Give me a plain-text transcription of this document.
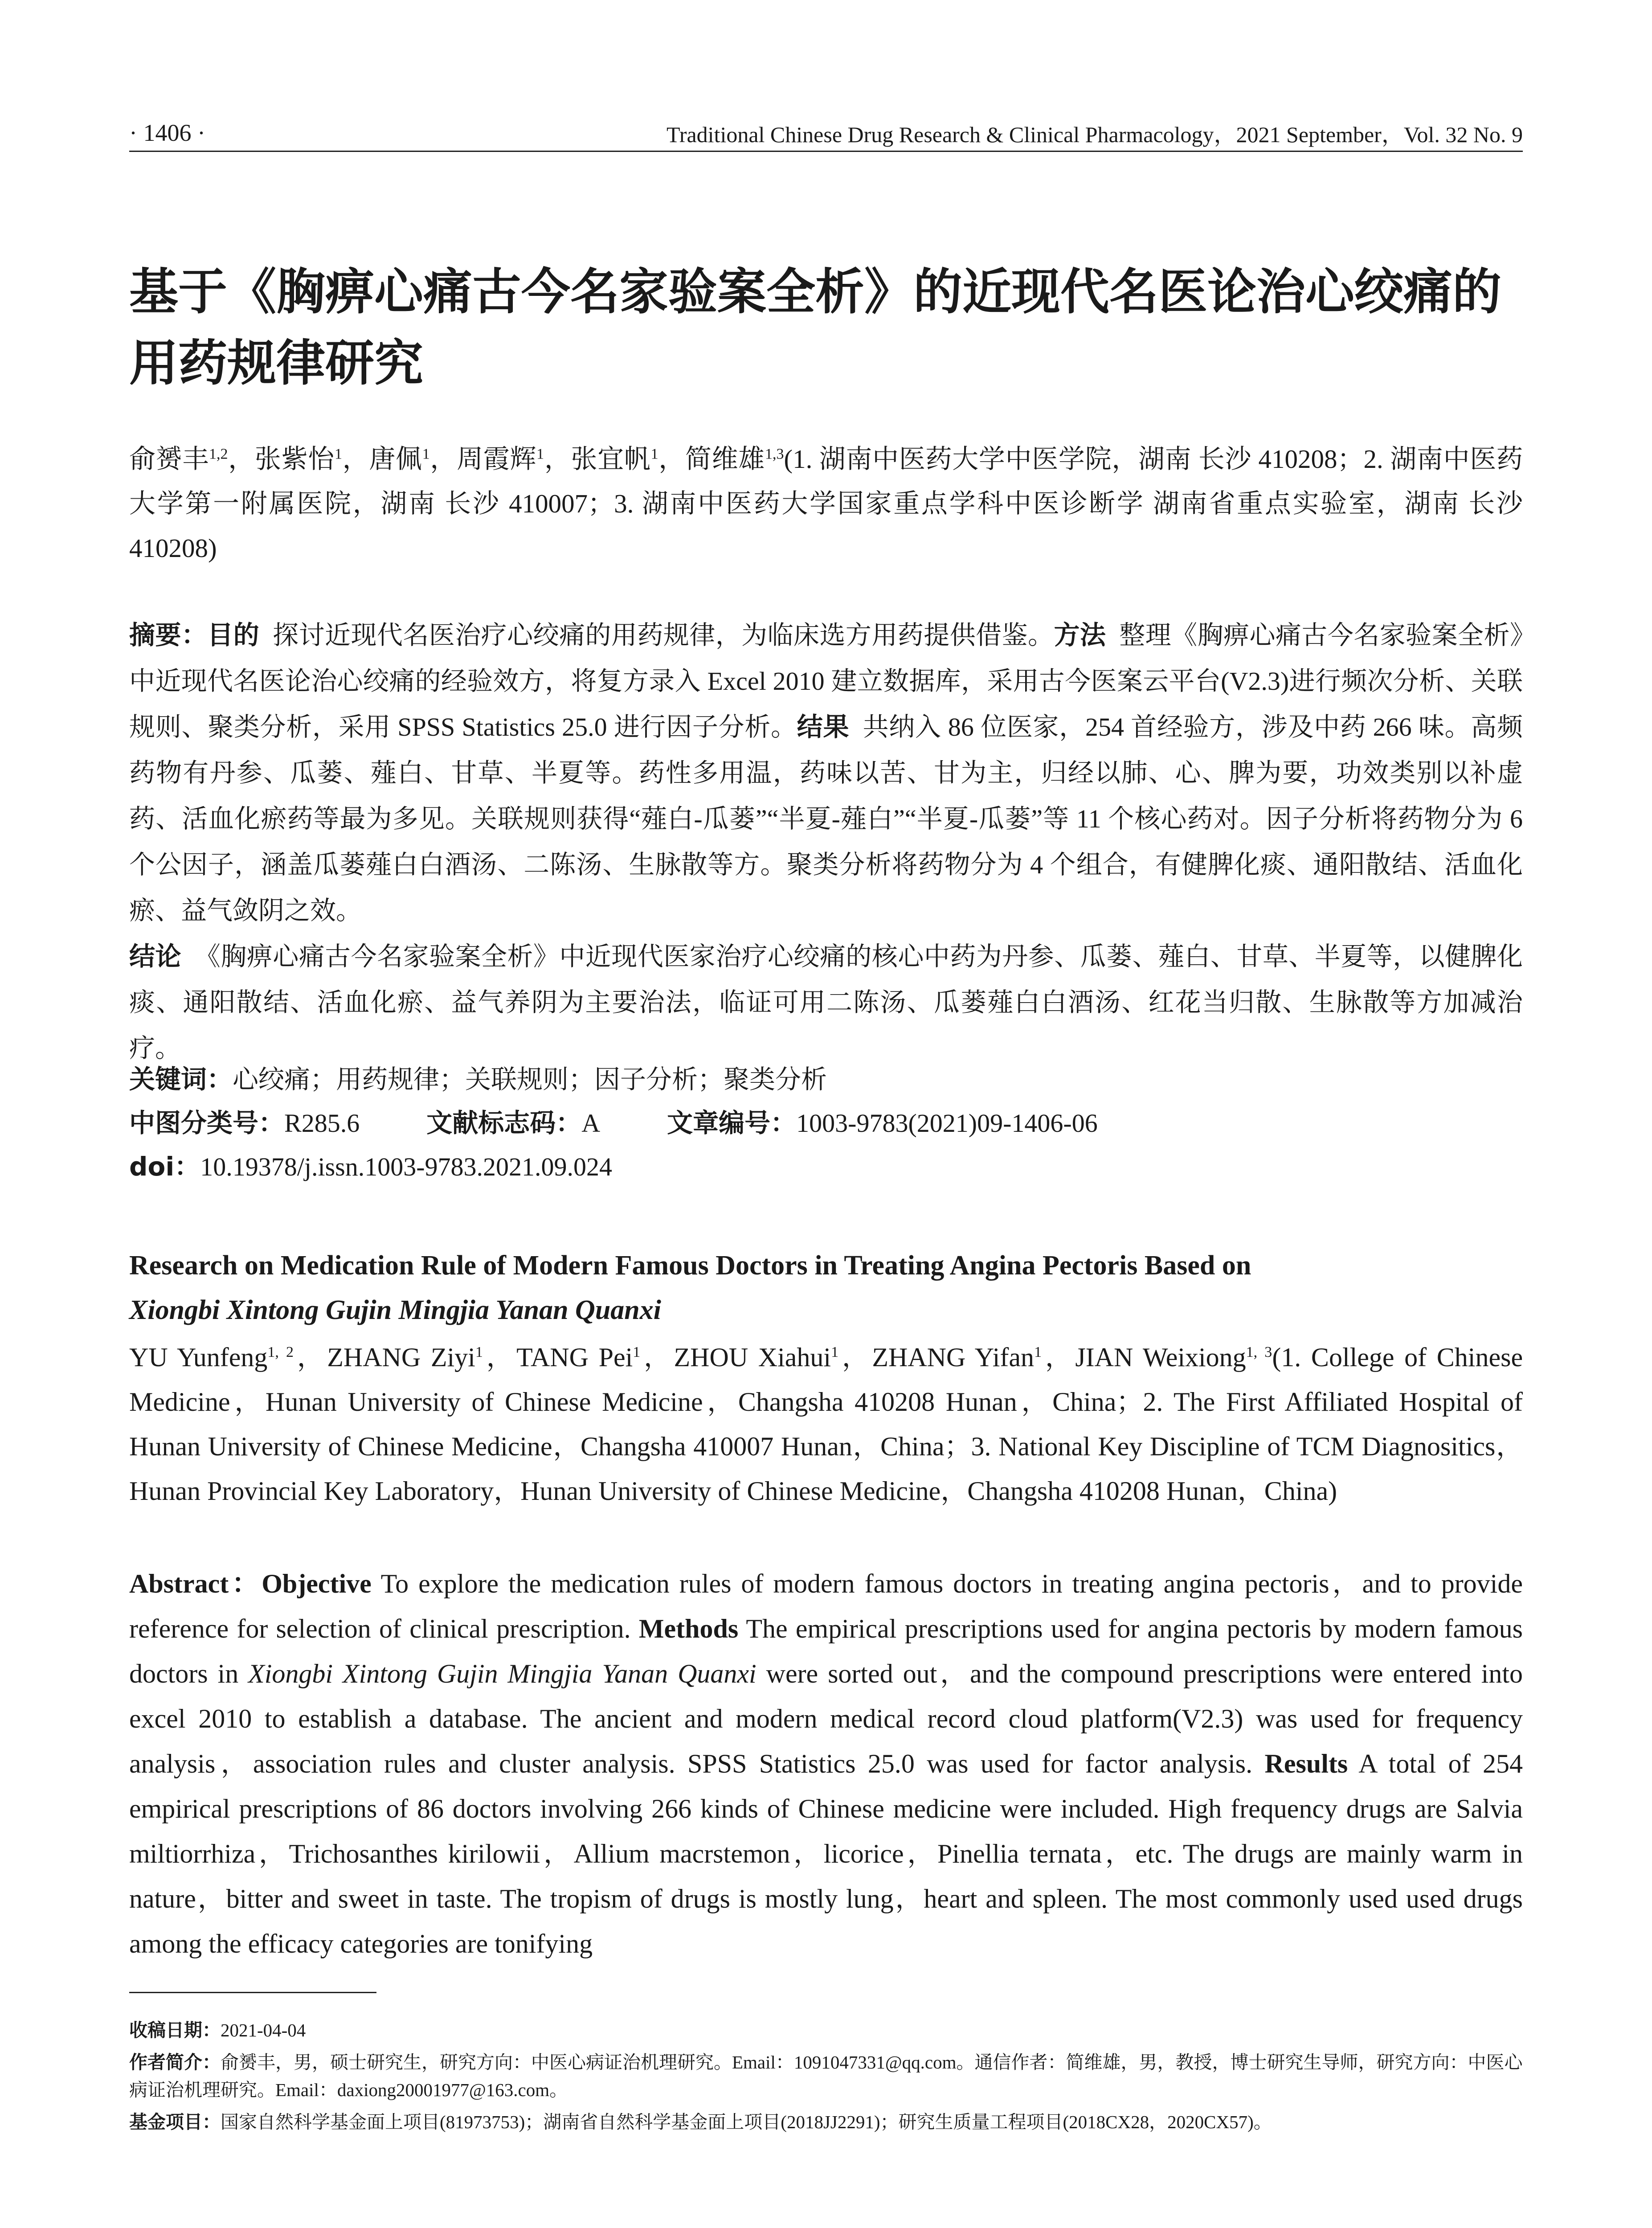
· 1406 ·	Traditional Chinese Drug Research & Clinical Pharmacology，2021 September，Vol. 32 No. 9
基于《胸痹心痛古今名家验案全析》的近现代名医论治心绞痛的用药规律研究
俞赟丰$^{1,2}$，张紫怡$^1$，唐佩$^1$，周霞辉$^1$，张宜帆$^1$，简维雄$^{1,3}$(1. 湖南中医药大学中医学院，湖南 长沙 410208；2. 湖南中医药大学第一附属医院，湖南 长沙 410007；3. 湖南中医药大学国家重点学科中医诊断学 湖南省重点实验室，湖南 长沙 410208)
摘要：目的 探讨近现代名医治疗心绞痛的用药规律，为临床选方用药提供借鉴。方法 整理《胸痹心痛古今名家验案全析》中近现代名医论治心绞痛的经验效方，将复方录入 Excel 2010 建立数据库，采用古今医案云平台(V2.3)进行频次分析、关联规则、聚类分析，采用 SPSS Statistics 25.0 进行因子分析。结果 共纳入 86 位医家，254 首经验方，涉及中药 266 味。高频药物有丹参、瓜蒌、薤白、甘草、半夏等。药性多用温，药味以苦、甘为主，归经以肺、心、脾为要，功效类别以补虚药、活血化瘀药等最为多见。关联规则获得“薤白-瓜蒌”“半夏-薤白”“半夏-瓜蒌”等 11 个核心药对。因子分析将药物分为 6 个公因子，涵盖瓜蒌薤白白酒汤、二陈汤、生脉散等方。聚类分析将药物分为 4 个组合，有健脾化痰、通阳散结、活血化瘀、益气敛阴之效。
结论 《胸痹心痛古今名家验案全析》中近现代医家治疗心绞痛的核心中药为丹参、瓜蒌、薤白、甘草、半夏等，以健脾化痰、通阳散结、活血化瘀、益气养阴为主要治法，临证可用二陈汤、瓜蒌薤白白酒汤、红花当归散、生脉散等方加减治疗。
关键词：心绞痛；用药规律；关联规则；因子分析；聚类分析
中图分类号：R285.6	文献标志码：A	文章编号：1003-9783(2021)09-1406-06
doi：10.19378/j.issn.1003-9783.2021.09.024
Research on Medication Rule of Modern Famous Doctors in Treating Angina Pectoris Based on
Xiongbi Xintong Gujin Mingjia Yanan Quanxi
YU Yunfeng$^{1, 2}$，ZHANG Ziyi$^1$，TANG Pei$^1$，ZHOU Xiahui$^1$，ZHANG Yifan$^1$，JIAN Weixiong$^{1, 3}$(1. College of Chinese Medicine，Hunan University of Chinese Medicine，Changsha 410208 Hunan，China；2. The First Affiliated Hospital of Hunan University of Chinese Medicine，Changsha 410007 Hunan，China；3. National Key Discipline of TCM Diagnositics，Hunan Provincial Key Laboratory，Hunan University of Chinese Medicine，Changsha 410208 Hunan，China)
Abstract：Objective To explore the medication rules of modern famous doctors in treating angina pectoris，and to provide reference for selection of clinical prescription. Methods The empirical prescriptions used for angina pectoris by modern famous doctors in Xiongbi Xintong Gujin Mingjia Yanan Quanxi were sorted out，and the compound prescriptions were entered into excel 2010 to establish a database. The ancient and modern medical record cloud platform(V2.3) was used for frequency analysis，association rules and cluster analysis. SPSS Statistics 25.0 was used for factor analysis. Results A total of 254 empirical prescriptions of 86 doctors involving 266 kinds of Chinese medicine were included. High frequency drugs are Salvia miltiorrhiza，Trichosanthes kirilowii，Allium macrstemon，licorice，Pinellia ternata，etc. The drugs are mainly warm in nature，bitter and sweet in taste. The tropism of drugs is mostly lung，heart and spleen. The most commonly used used drugs among the efficacy categories are tonifying

收稿日期：2021-04-04

作者简介：俞赟丰，男，硕士研究生，研究方向：中医心病证治机理研究。Email：1091047331@qq.com。通信作者：简维雄，男，教授，博士研究生导师，研究方向：中医心病证治机理研究。Email：daxiong20001977@163.com。

基金项目：国家自然科学基金面上项目(81973753)；湖南省自然科学基金面上项目(2018JJ2291)；研究生质量工程项目(2018CX28，2020CX57)。
